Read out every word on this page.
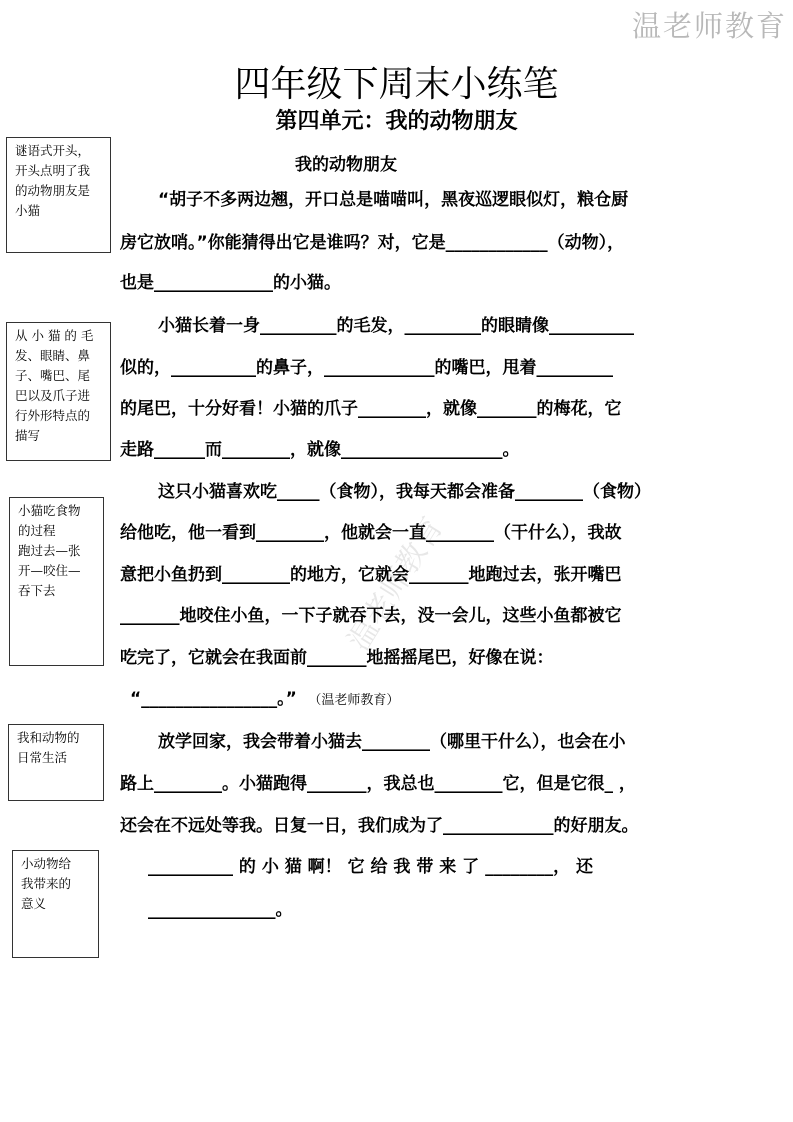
温老师教育
温老师教育
四年级下周末小练笔
第四单元：我的动物朋友
我的动物朋友
谜语式开头，
开头点明了我
的动物朋友是
小猫
从 小 猫 的 毛
发、眼睛、鼻
子、嘴巴、尾
巴以及爪子进
行外形特点的
描写
小猫吃食物
的过程
跑过去—张
开—咬住—
吞下去
我和动物的
日常生活
小动物给
我带来的
意义
“胡子不多两边翘，开口总是喵喵叫，黑夜巡逻眼似灯，粮仓厨
房它放哨。”你能猜得出它是谁吗？对，它是____________（动物），
也是______________的小猫。
小猫长着一身_________的毛发，_________的眼睛像__________
似的，__________的鼻子，_____________的嘴巴，甩着_________
的尾巴，十分好看！小猫的爪子________，就像_______的梅花，它
走路______而________，就像___________________。
这只小猫喜欢吃_____（食物），我每天都会准备________（食物）
给他吃，他一看到________，他就会一直________（干什么），我故
意把小鱼扔到________的地方，它就会_______地跑过去，张开嘴巴
_______地咬住小鱼，一下子就吞下去，没一会儿，这些小鱼都被它
吃完了，它就会在我面前_______地摇摇尾巴，好像在说：
“________________。” （温老师教育）
放学回家，我会带着小猫去________（哪里干什么），也会在小
路上________。小猫跑得_______，我总也________它，但是它很_ ，
还会在不远处等我。日复一日，我们成为了_____________的好朋友。
__________ 的 小 猫 啊！ 它 给 我 带 来 了 ________， 还
_______________。
